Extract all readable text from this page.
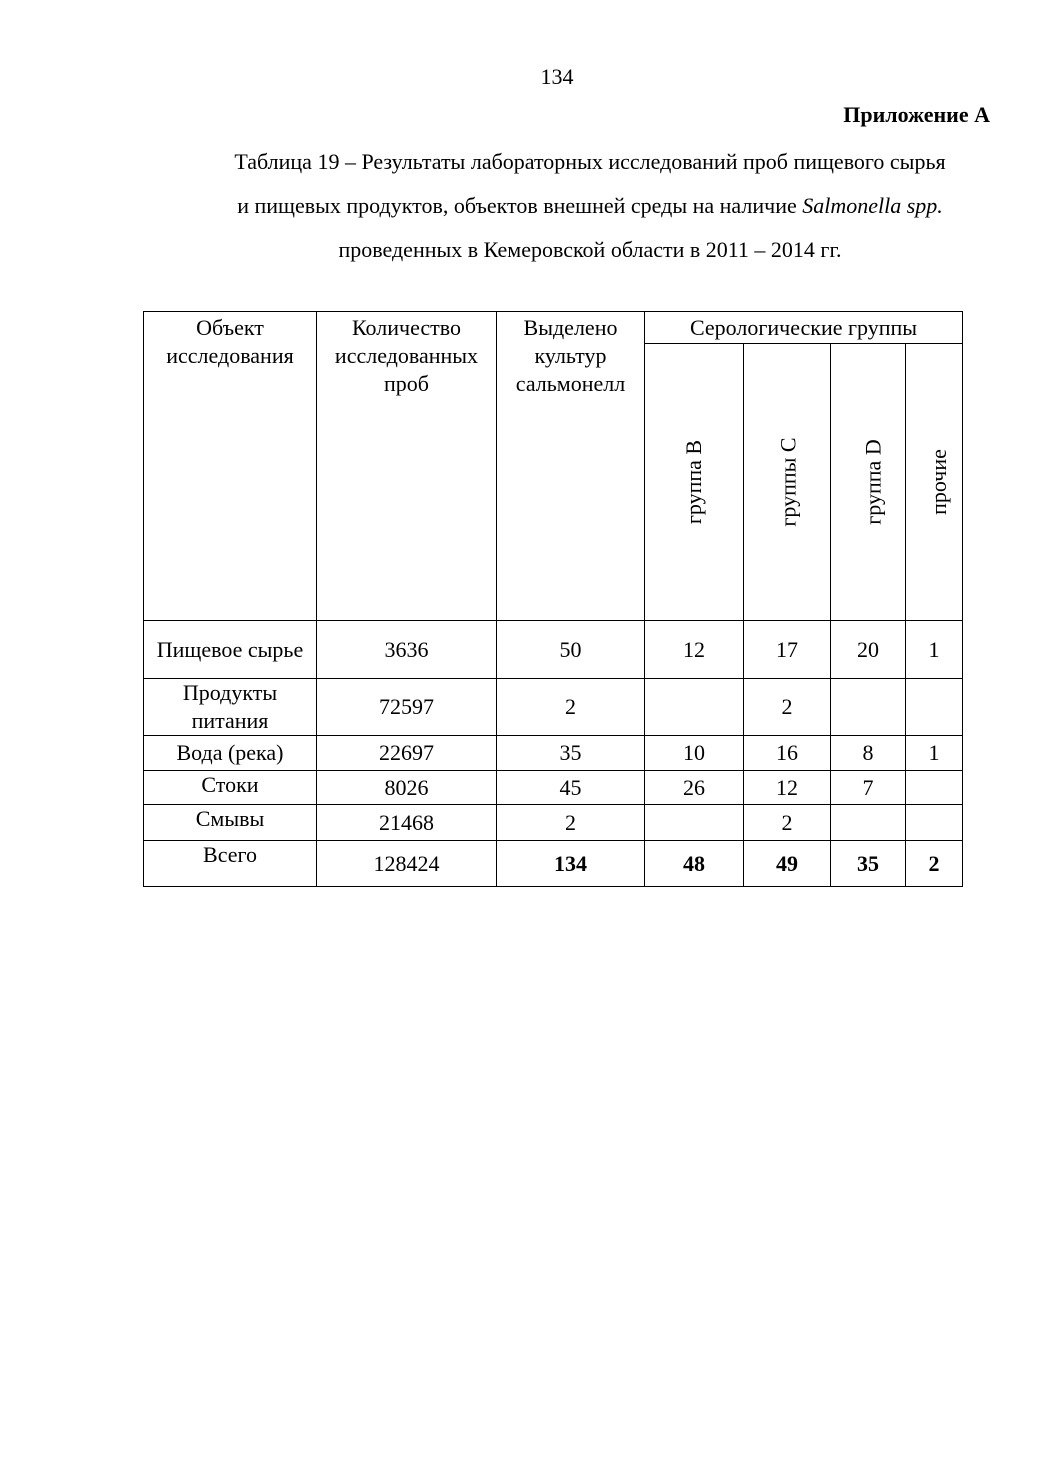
134
Приложение А
Таблица 19 – Результаты лабораторных исследований проб пищевого сырья
и пищевых продуктов, объектов внешней среды на наличие Salmonella spp.
проведенных в Кемеровской области в 2011 – 2014 гг.
Объект исследования	Количество исследованных проб	Выделено культур сальмонелл	Серологические группы			
			группа В	группы С	группа D	прочие
Пищевое сырье	3636	50	12	17	20	1
Продукты питания	72597	2		2		
Вода (река)	22697	35	10	16	8	1
Стоки	8026	45	26	12	7	
Смывы	21468	2		2		
Всего	128424	134	48	49	35	2
